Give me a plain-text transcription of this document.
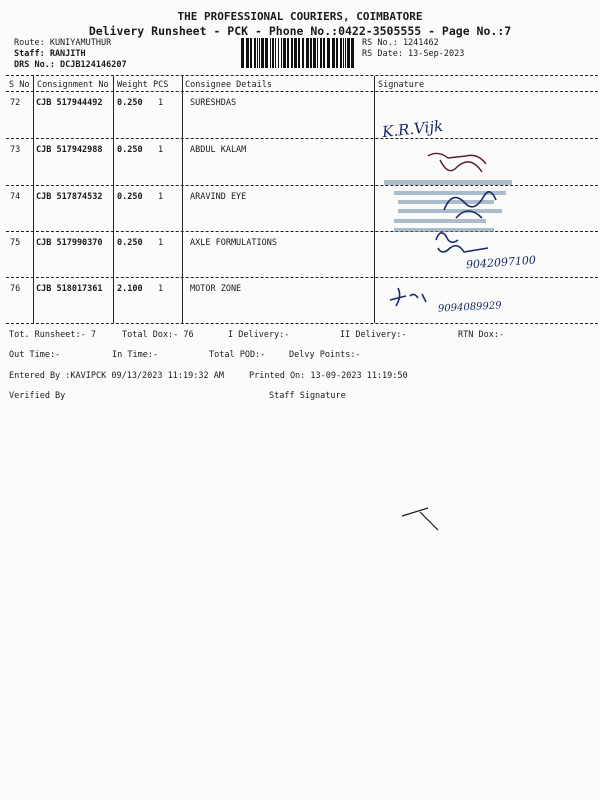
THE PROFESSIONAL COURIERS, COIMBATORE
Delivery Runsheet - PCK - Phone No.:0422-3505555 - Page No.:7
Route: KUNIYAMUTHUR
Staff: RANJITH
DRS No.: DCJB124146207
RS No.: 1241462
RS Date: 13-Sep-2023
S No Consignment No Weight PCS Consignee Details	Signature
72 CJB 517944492 0.250 1	SURESHDAS
73 CJB 517942988 0.250 1	ABDUL KALAM
74 CJB 517874532 0.250 1	ARAVIND EYE
75 CJB 517990370 0.250 1	AXLE FORMULATIONS
76 CJB 518017361 2.100 1	MOTOR ZONE
K.R.Vijk
9042097100
9094089929
Tot. Runsheet:- 7	Total Dox:- 76	I Delivery:-	II Delivery:-	RTN Dox:-
Out Time:-	In Time:-	Total POD:-	Delvy Points:-
Entered By :KAVIPCK 09/13/2023 11:19:32 AM	Printed On: 13-09-2023 11:19:50
Verified By	Staff Signature
